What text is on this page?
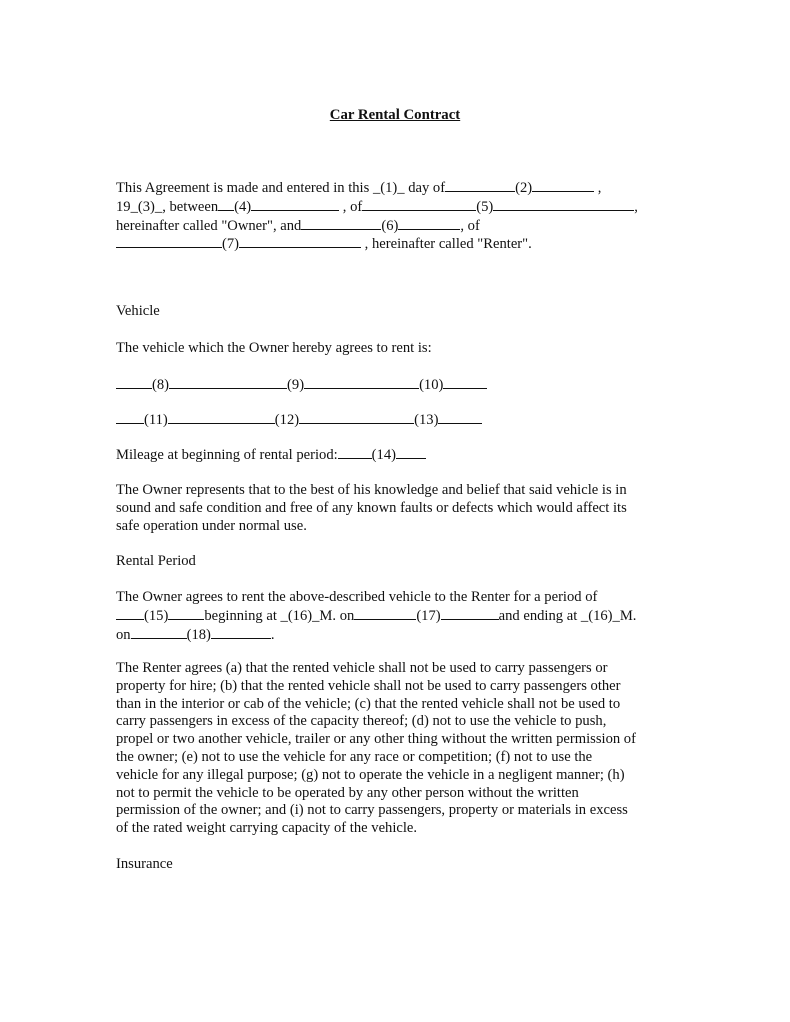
Car Rental Contract
This Agreement is made and entered in this _(1)_ day of	(2)	,
19_(3)_, between (4)	, of	(5)	,
hereinafter called "Owner", and	(6)	, of
(7)	, hereinafter called "Renter".
Vehicle
The vehicle which the Owner hereby agrees to rent is:
(8)	(9)	(10)
(11)	(12)	(13)
Mileage at beginning of rental period: (14)
The Owner represents that to the best of his knowledge and belief that said vehicle is in
sound and safe condition and free of any known faults or defects which would affect its
safe operation under normal use.
Rental Period
The Owner agrees to rent the above-described vehicle to the Renter for a period of
(15) beginning at _(16)_M. on	(17)	and ending at _(16)_M.
on	(18)	.
The Renter agrees (a) that the rented vehicle shall not be used to carry passengers or
property for hire; (b) that the rented vehicle shall not be used to carry passengers other
than in the interior or cab of the vehicle; (c) that the rented vehicle shall not be used to
carry passengers in excess of the capacity thereof; (d) not to use the vehicle to push,
propel or two another vehicle, trailer or any other thing without the written permission of
the owner; (e) not to use the vehicle for any race or competition; (f) not to use the
vehicle for any illegal purpose; (g) not to operate the vehicle in a negligent manner; (h)
not to permit the vehicle to be operated by any other person without the written
permission of the owner; and (i) not to carry passengers, property or materials in excess
of the rated weight carrying capacity of the vehicle.
Insurance
